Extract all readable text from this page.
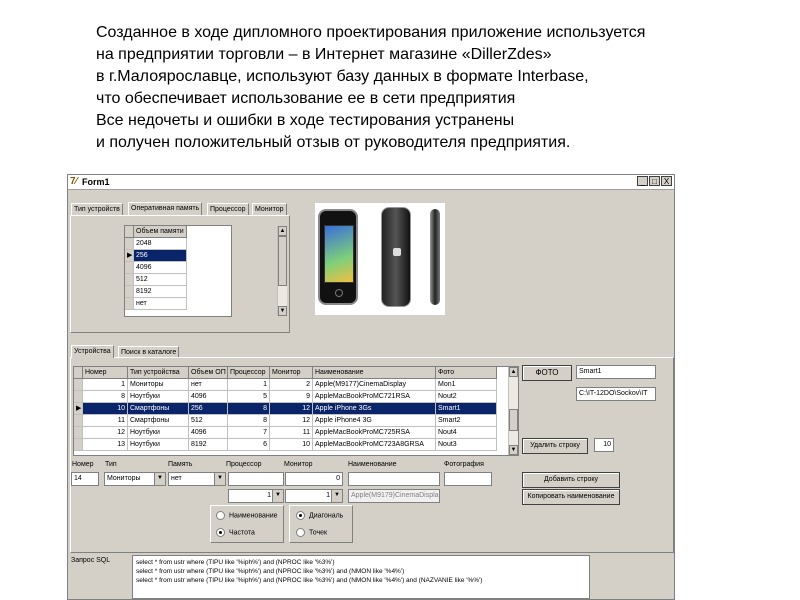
Созданное в ходе дипломного проектирования приложение используется
на предприятии торговли – в Интернет магазине «DillerZdes»
в г.Малоярославце, используют базу данных в формате Interbase,
что обеспечивает использование ее в сети предприятия
Все недочеты и ошибки в ходе тестирования устранены
и получен положительный отзыв от руководителя предприятия.
7⁄ Form1	_ □ X
Тип устройств	Оперативная память	Процессор	Монитор
Объем памяти
2048
▶ 256
4096
512
8192
нет
▲
▼
Устройства	Поиск в каталоге
Номер	Тип устройства	Объем ОП Процессор Монитор	Наименование	Фото
1 Мониторы	нет	1	2 Apple(M9177)CinemaDisplay	Mon1
8 Ноутбуки	4096	5	9 AppleMacBookProMC721RSA	Nout2
▶	10 Смартфоны	256	8	12 Apple iPhone 3Gs	Smart1
11 Смартфоны	512	8	12 Apple iPhone4 3G	Smart2
12 Ноутбуки	4096	7	11 AppleMacBookProMC725RSA	Nout4
13 Ноутбуки	8192	6	10 AppleMacBookProMC723A8GRSA	Nout3
▲
▼
ФОТО	Smart1
C:\IT-12DO\Sockov\IT
Удалить строку	10
Добавить строку
Копировать наименование
Номер Тип	Память	Процессор	Монитор	Наименование	Фотография
14	Мониторы	▼	нет	▼	0
1 ▼	1 ▼	Apple(M9179)CinemaDispla
Наименование
Частота
Диагональ
Точек
Запрос SQL	select * from ustr where (TIPU like '%iph%') and (NPROC like '%3%')
select * from ustr where (TIPU like '%iph%') and (NPROC like '%3%') and (NMON like '%4%')
select * from ustr where (TIPU like '%iph%') and (NPROC like '%3%') and (NMON like '%4%') and (NAZVANIE like '%%')
